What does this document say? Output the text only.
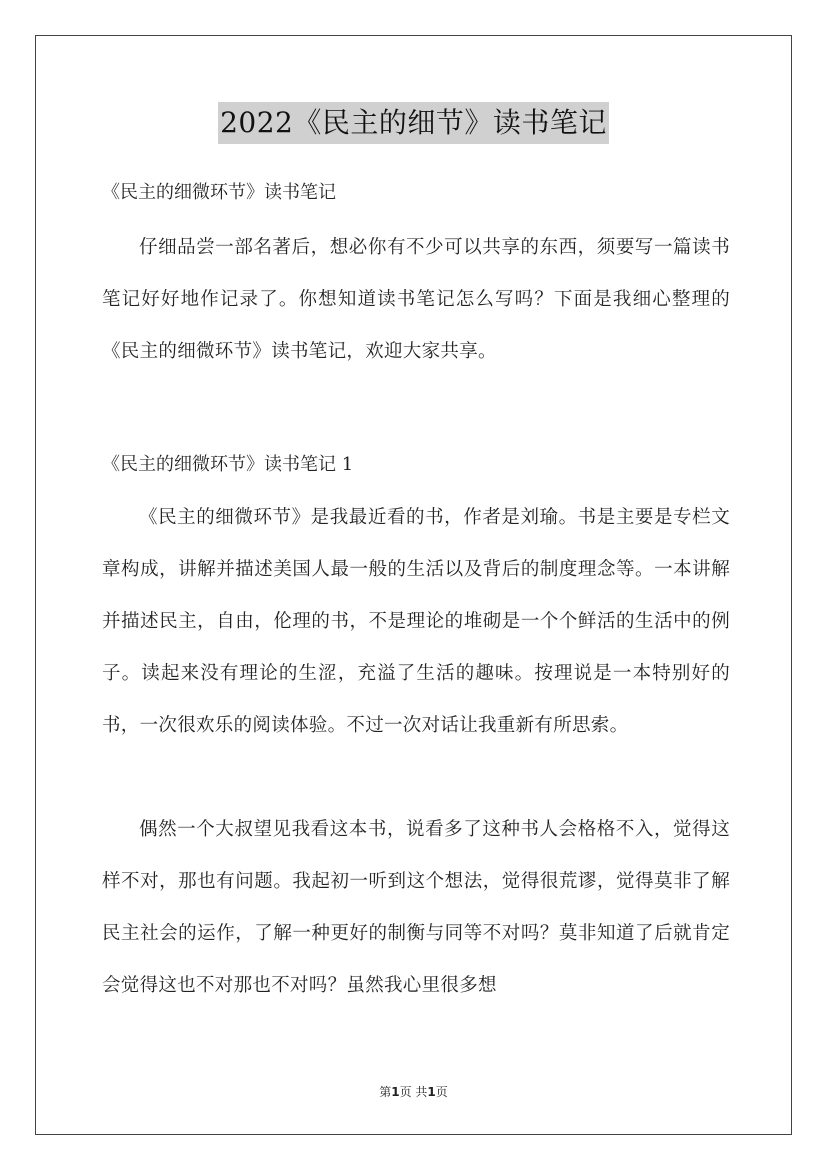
2022《民主的细节》读书笔记
《民主的细微环节》读书笔记
仔细品尝一部名著后，想必你有不少可以共享的东西，须要写一篇读书笔记好好地作记录了。你想知道读书笔记怎么写吗？下面是我细心整理的《民主的细微环节》读书笔记，欢迎大家共享。
《民主的细微环节》读书笔记 1
《民主的细微环节》是我最近看的书，作者是刘瑜。书是主要是专栏文章构成，讲解并描述美国人最一般的生活以及背后的制度理念等。一本讲解并描述民主，自由，伦理的书，不是理论的堆砌是一个个鲜活的生活中的例子。读起来没有理论的生涩，充溢了生活的趣味。按理说是一本特别好的书，一次很欢乐的阅读体验。不过一次对话让我重新有所思索。
偶然一个大叔望见我看这本书，说看多了这种书人会格格不入，觉得这样不对，那也有问题。我起初一听到这个想法，觉得很荒谬，觉得莫非了解民主社会的运作，了解一种更好的制衡与同等不对吗？莫非知道了后就肯定会觉得这也不对那也不对吗？虽然我心里很多想
第1页 共1页
